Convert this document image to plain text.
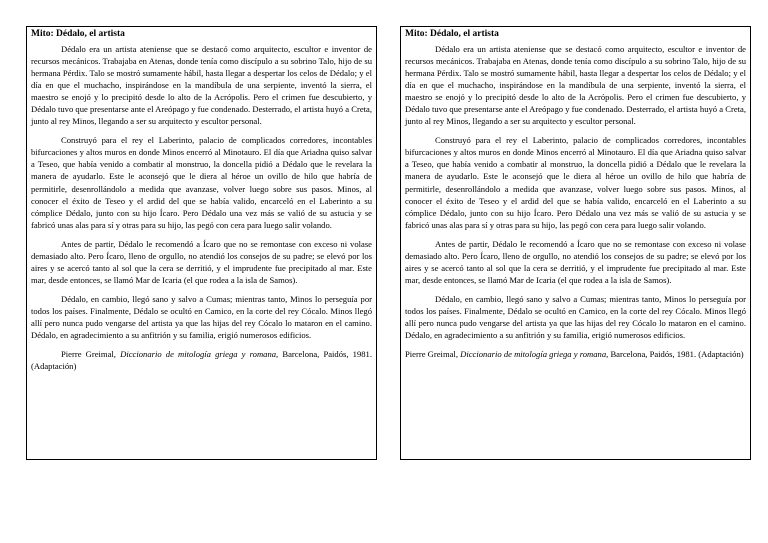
Mito: Dédalo, el artista

Dédalo era un artista ateniense que se destacó como arquitecto, escultor e inventor de recursos mecánicos. Trabajaba en Atenas, donde tenía como discípulo a su sobrino Talo, hijo de su hermana Pérdix. Talo se mostró sumamente hábil, hasta llegar a despertar los celos de Dédalo; y el día en que el muchacho, inspirándose en la mandíbula de una serpiente, inventó la sierra, el maestro se enojó y lo precipitó desde lo alto de la Acrópolis. Pero el crimen fue descubierto, y Dédalo tuvo que presentarse ante el Areópago y fue condenado. Desterrado, el artista huyó a Creta, junto al rey Minos, llegando a ser su arquitecto y escultor personal.

Construyó para el rey el Laberinto, palacio de complicados corredores, incontables bifurcaciones y altos muros en donde Minos encerró al Minotauro. El día que Ariadna quiso salvar a Teseo, que había venido a combatir al monstruo, la doncella pidió a Dédalo que le revelara la manera de ayudarlo. Este le aconsejó que le diera al héroe un ovillo de hilo que habría de permitirle, desenrollándolo a medida que avanzase, volver luego sobre sus pasos. Minos, al conocer el éxito de Teseo y el ardid del que se había valido, encarceló en el Laberinto a su cómplice Dédalo, junto con su hijo Ícaro. Pero Dédalo una vez más se valió de su astucia y se fabricó unas alas para sí y otras para su hijo, las pegó con cera para luego salir volando.

Antes de partir, Dédalo le recomendó a Ícaro que no se remontase con exceso ni volase demasiado alto. Pero Ícaro, lleno de orgullo, no atendió los consejos de su padre; se elevó por los aires y se acercó tanto al sol que la cera se derritió, y el imprudente fue precipitado al mar. Este mar, desde entonces, se llamó Mar de Icaria (el que rodea a la isla de Samos).

Dédalo, en cambio, llegó sano y salvo a Cumas; mientras tanto, Minos lo perseguía por todos los países. Finalmente, Dédalo se ocultó en Camico, en la corte del rey Cócalo. Minos llegó allí pero nunca pudo vengarse del artista ya que las hijas del rey Cócalo lo mataron en el camino. Dédalo, en agradecimiento a su anfitrión y su familia, erigió numerosos edificios.

Pierre Greimal, Diccionario de mitología griega y romana, Barcelona, Paidós, 1981. (Adaptación)

Mito: Dédalo, el artista

Dédalo era un artista ateniense que se destacó como arquitecto, escultor e inventor de recursos mecánicos. Trabajaba en Atenas, donde tenía como discípulo a su sobrino Talo, hijo de su hermana Pérdix. Talo se mostró sumamente hábil, hasta llegar a despertar los celos de Dédalo; y el día en que el muchacho, inspirándose en la mandíbula de una serpiente, inventó la sierra, el maestro se enojó y lo precipitó desde lo alto de la Acrópolis. Pero el crimen fue descubierto, y Dédalo tuvo que presentarse ante el Areópago y fue condenado. Desterrado, el artista huyó a Creta, junto al rey Minos, llegando a ser su arquitecto y escultor personal.

Construyó para el rey el Laberinto, palacio de complicados corredores, incontables bifurcaciones y altos muros en donde Minos encerró al Minotauro. El día que Ariadna quiso salvar a Teseo, que había venido a combatir al monstruo, la doncella pidió a Dédalo que le revelara la manera de ayudarlo. Este le aconsejó que le diera al héroe un ovillo de hilo que habría de permitirle, desenrollándolo a medida que avanzase, volver luego sobre sus pasos. Minos, al conocer el éxito de Teseo y el ardid del que se había valido, encarceló en el Laberinto a su cómplice Dédalo, junto con su hijo Ícaro. Pero Dédalo una vez más se valió de su astucia y se fabricó unas alas para sí y otras para su hijo, las pegó con cera para luego salir volando.

Antes de partir, Dédalo le recomendó a Ícaro que no se remontase con exceso ni volase demasiado alto. Pero Ícaro, lleno de orgullo, no atendió los consejos de su padre; se elevó por los aires y se acercó tanto al sol que la cera se derritió, y el imprudente fue precipitado al mar. Este mar, desde entonces, se llamó Mar de Icaria (el que rodea a la isla de Samos).

Dédalo, en cambio, llegó sano y salvo a Cumas; mientras tanto, Minos lo perseguía por todos los países. Finalmente, Dédalo se ocultó en Camico, en la corte del rey Cócalo. Minos llegó allí pero nunca pudo vengarse del artista ya que las hijas del rey Cócalo lo mataron en el camino. Dédalo, en agradecimiento a su anfitrión y su familia, erigió numerosos edificios.

Pierre Greimal, Diccionario de mitología griega y romana, Barcelona, Paidós, 1981. (Adaptación)
